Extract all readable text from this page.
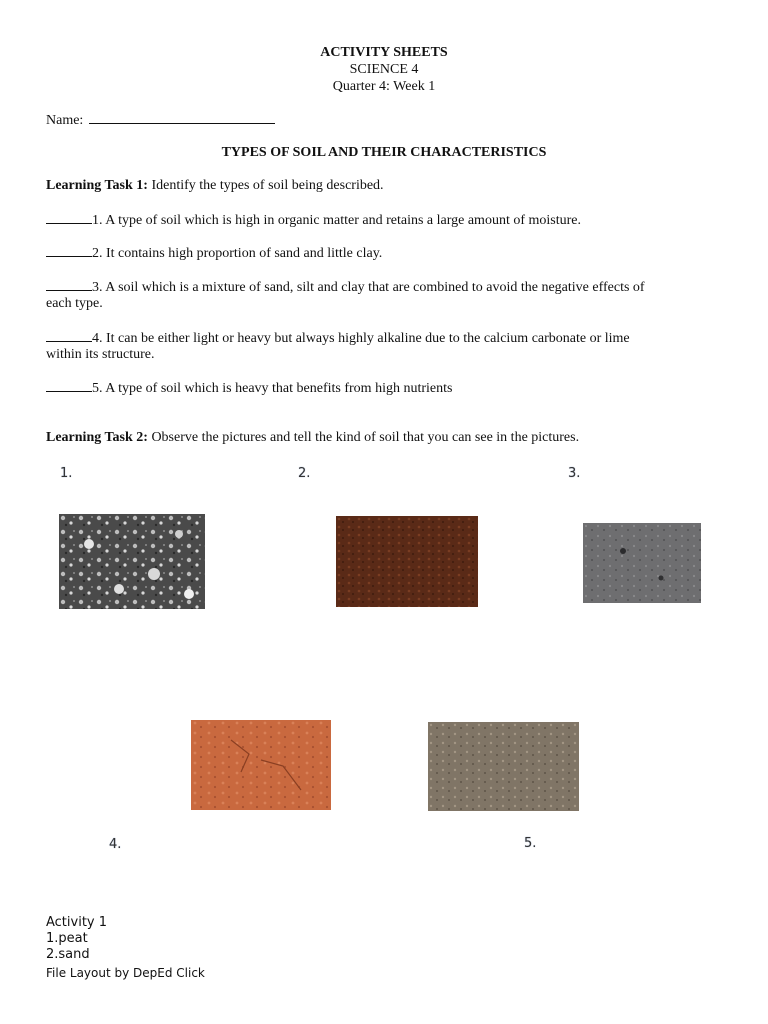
ACTIVITY SHEETS
SCIENCE 4
Quarter 4: Week 1
Name:
TYPES OF SOIL AND THEIR CHARACTERISTICS
Learning Task 1: Identify the types of soil being described.
1. A type of soil which is high in organic matter and retains a large amount of moisture.
2. It contains high proportion of sand and little clay.
3. A soil which is a mixture of sand, silt and clay that are combined to avoid the negative effects of
each type.
4. It can be either light or heavy but always highly alkaline due to the calcium carbonate or lime
within its structure.
5. A type of soil which is heavy that benefits from high nutrients
Learning Task 2: Observe the pictures and tell the kind of soil that you can see in the pictures.
1.	2.	3.
4.	5.
Activity 1
1.peat
2.sand
File Layout by DepEd Click
